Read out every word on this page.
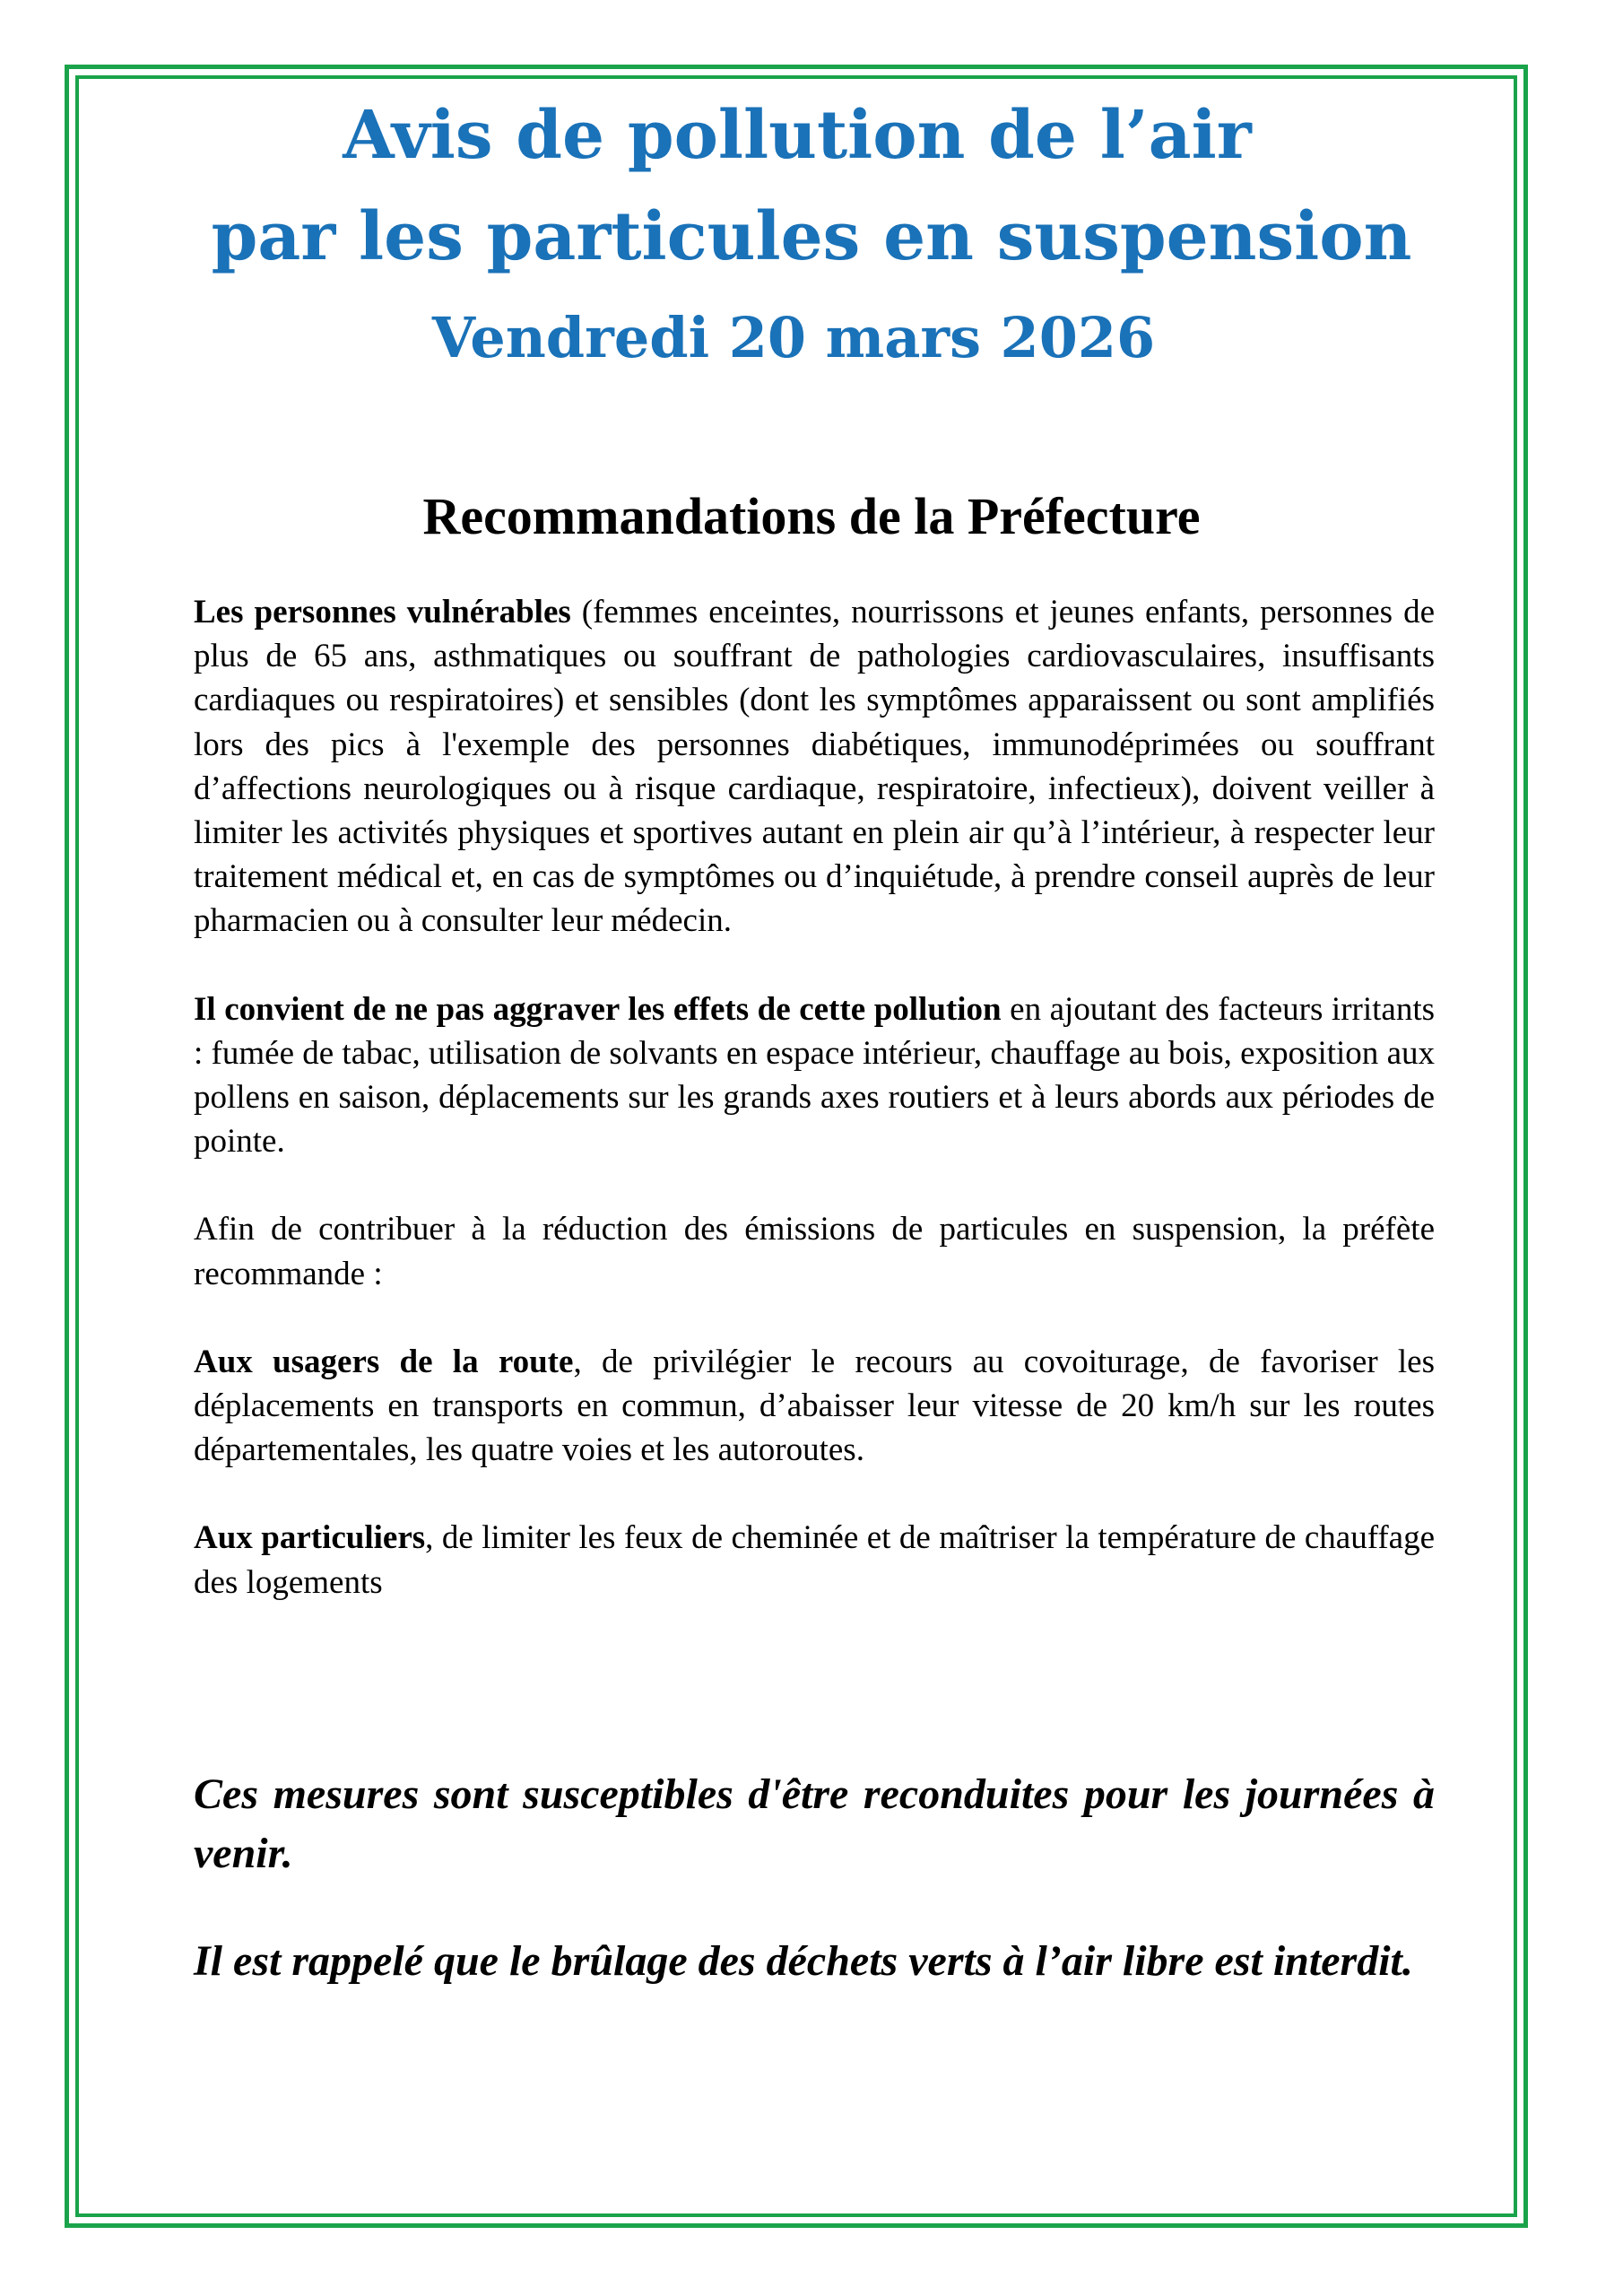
Avis de pollution de l’air
par les particules en suspension
Vendredi 20 mars 2026
Recommandations de la Préfecture

Les personnes vulnérables (femmes enceintes, nourrissons et jeunes enfants, personnes de plus de 65 ans, asthmatiques ou souffrant de pathologies cardiovasculaires, insuffisants cardiaques ou respiratoires) et sensibles (dont les symptômes apparaissent ou sont amplifiés lors des pics à l'exemple des personnes diabétiques, immunodéprimées ou souffrant d’affections neurologiques ou à risque cardiaque, respiratoire, infectieux), doivent veiller à limiter les activités physiques et sportives autant en plein air qu’à l’intérieur, à respecter leur traitement médical et, en cas de symptômes ou d’inquiétude, à prendre conseil auprès de leur pharmacien ou à consulter leur médecin.

Il convient de ne pas aggraver les effets de cette pollution en ajoutant des facteurs irritants : fumée de tabac, utilisation de solvants en espace intérieur, chauffage au bois, exposition aux pollens en saison, déplacements sur les grands axes routiers et à leurs abords aux périodes de pointe.

Afin de contribuer à la réduction des émissions de particules en suspension, la préfète recommande :

Aux usagers de la route, de privilégier le recours au covoiturage, de favoriser les déplacements en transports en commun, d’abaisser leur vitesse de 20 km/h sur les routes départementales, les quatre voies et les autoroutes.

Aux particuliers, de limiter les feux de cheminée et de maîtriser la température de chauffage des logements

Ces mesures sont susceptibles d'être reconduites pour les journées à venir.

Il est rappelé que le brûlage des déchets verts à l’air libre est interdit.
